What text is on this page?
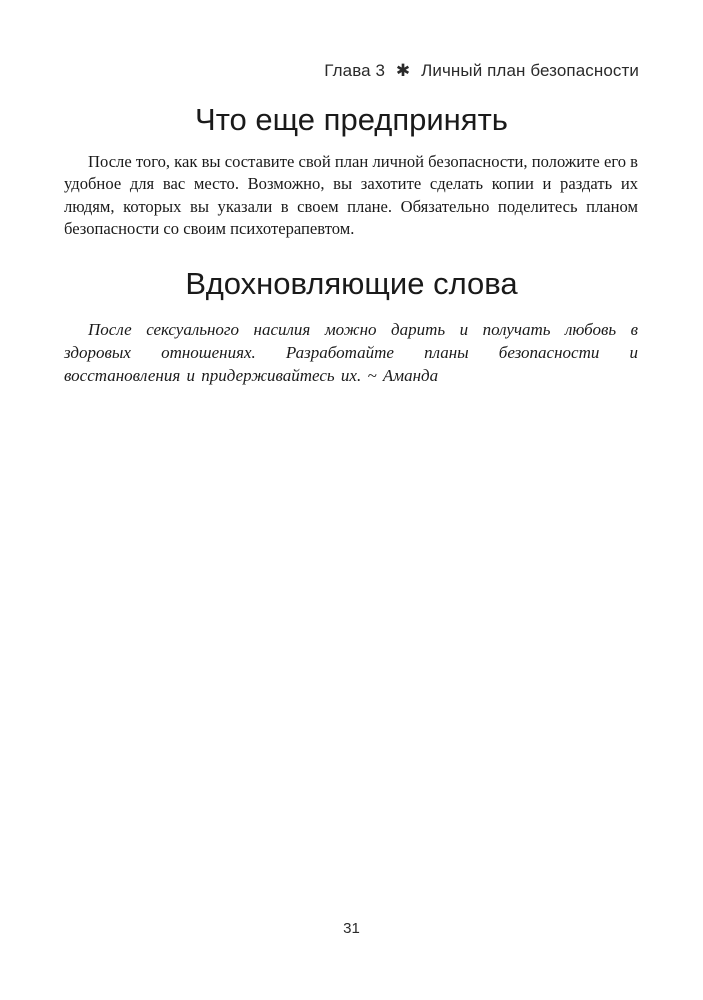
Глава 3 ✱ Личный план безопасности
Что еще предпринять

После того, как вы составите свой план личной безопасности, положите его в удобное для вас место. Возможно, вы захотите сделать копии и раздать их людям, которых вы указали в своем плане. Обязательно поделитесь планом безопасности со своим психотерапевтом.

Вдохновляющие слова

После сексуального насилия можно дарить и получать любовь в здоровых отношениях. Разработайте планы безопасности и восстановления и придерживайтесь их. ~ Аманда

31
